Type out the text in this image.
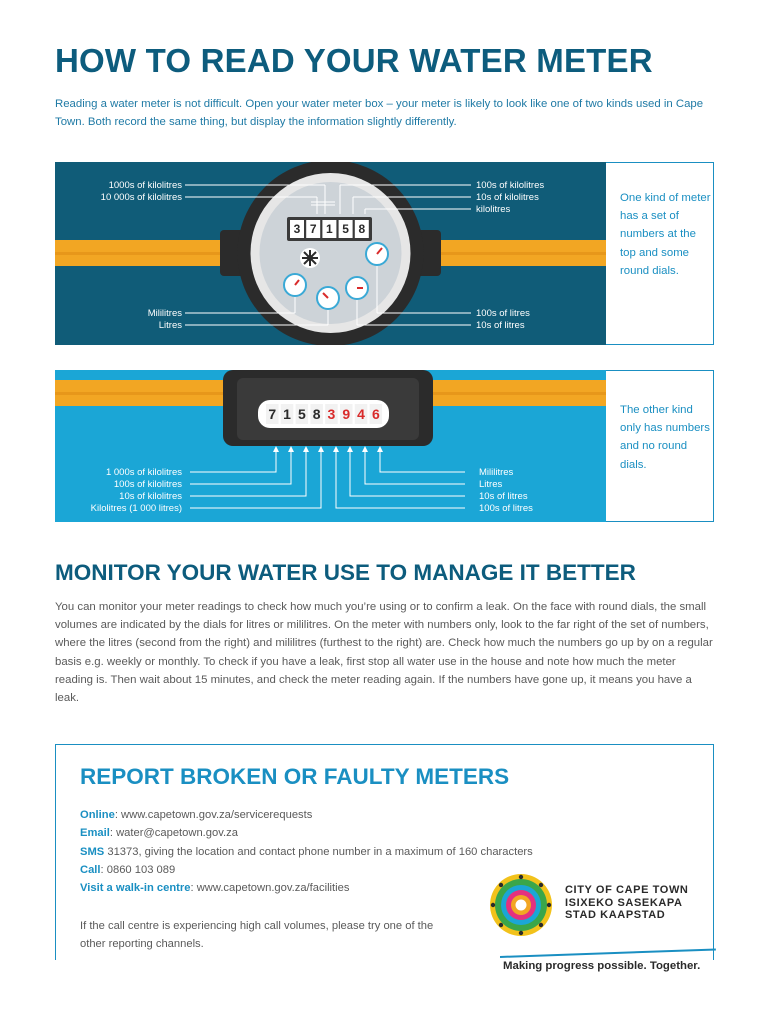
HOW TO READ YOUR WATER METER
Reading a water meter is not difficult. Open your water meter box – your meter is likely to look like one of two kinds used in Cape Town. Both record the same thing, but display the information slightly differently.
3 7 1 5 8
1000s of kilolitres
10 000s of kilolitres
Mililitres
Litres
100s of kilolitres
10s of kilolitres
kilolitres
100s of litres
10s of litres
One kind of meter has a set of numbers at the top and some round dials.
7 1 5 8 3 9 4 6
1 000s of kilolitres
100s of kilolitres
10s of kilolitres
Kilolitres (1 000 litres)
Mililitres
Litres
10s of litres
100s of litres
The other kind only has numbers and no round dials.
MONITOR YOUR WATER USE TO MANAGE IT BETTER
You can monitor your meter readings to check how much you’re using or to confirm a leak. On the face with round dials, the small volumes are indicated by the dials for litres or mililitres. On the meter with numbers only, look to the far right of the set of numbers, where the litres (second from the right) and mililitres (furthest to the right) are. Check how much the numbers go up by on a regular basis e.g. weekly or monthly. To check if you have a leak, first stop all water use in the house and note how much the meter reading is. Then wait about 15 minutes, and check the meter reading again. If the numbers have gone up, it means you have a leak.
REPORT BROKEN OR FAULTY METERS
Online: www.capetown.gov.za/servicerequests
Email: water@capetown.gov.za
SMS 31373, giving the location and contact phone number in a maximum of 160 characters
Call: 0860 103 089
Visit a walk-in centre: www.capetown.gov.za/facilities
If the call centre is experiencing high call volumes, please try one of the other reporting channels.
CITY OF CAPE TOWN
ISIXEKO SASEKAPA
STAD KAAPSTAD
Making progress possible. Together.
